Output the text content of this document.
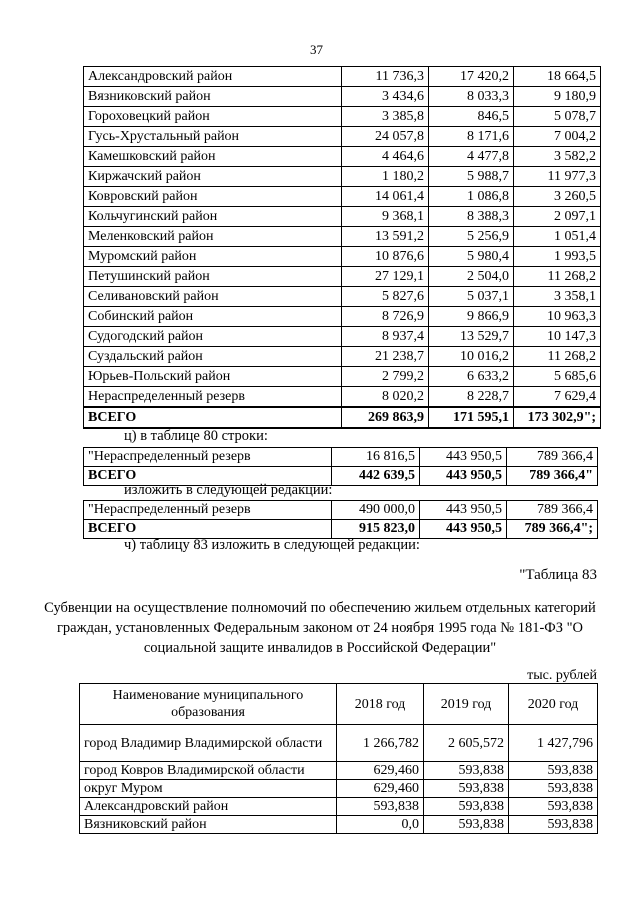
37
Александровский район	11 736,3	17 420,2	18 664,5
Вязниковский район	3 434,6	8 033,3	9 180,9
Гороховецкий район	3 385,8	846,5	5 078,7
Гусь-Хрустальный район	24 057,8	8 171,6	7 004,2
Камешковский район	4 464,6	4 477,8	3 582,2
Киржачский район	1 180,2	5 988,7	11 977,3
Ковровский район	14 061,4	1 086,8	3 260,5
Кольчугинский район	9 368,1	8 388,3	2 097,1
Меленковский район	13 591,2	5 256,9	1 051,4
Муромский район	10 876,6	5 980,4	1 993,5
Петушинский район	27 129,1	2 504,0	11 268,2
Селивановский район	5 827,6	5 037,1	3 358,1
Собинский район	8 726,9	9 866,9	10 963,3
Судогодский район	8 937,4	13 529,7	10 147,3
Суздальский район	21 238,7	10 016,2	11 268,2
Юрьев-Польский район	2 799,2	6 633,2	5 685,6
Нераспределенный резерв	8 020,2	8 228,7	7 629,4
ВСЕГО	269 863,9	171 595,1	173 302,9";
ц) в таблице 80 строки:
"Нераспределенный резерв	16 816,5	443 950,5	789 366,4
ВСЕГО	442 639,5	443 950,5	789 366,4"
изложить в следующей редакции:
"Нераспределенный резерв	490 000,0	443 950,5	789 366,4
ВСЕГО	915 823,0	443 950,5	789 366,4";
ч) таблицу 83 изложить в следующей редакции:
"Таблица 83
Субвенции на осуществление полномочий по обеспечению жильем отдельных категорий граждан, установленных Федеральным законом от 24 ноября 1995 года № 181-ФЗ "О социальной защите инвалидов в Российской Федерации"
тыс. рублей
Наименование муниципального образования	2018 год	2019 год	2020 год
город Владимир Владимирской области	1 266,782	2 605,572	1 427,796
город Ковров Владимирской области	629,460	593,838	593,838
округ Муром	629,460	593,838	593,838
Александровский район	593,838	593,838	593,838
Вязниковский район	0,0	593,838	593,838
